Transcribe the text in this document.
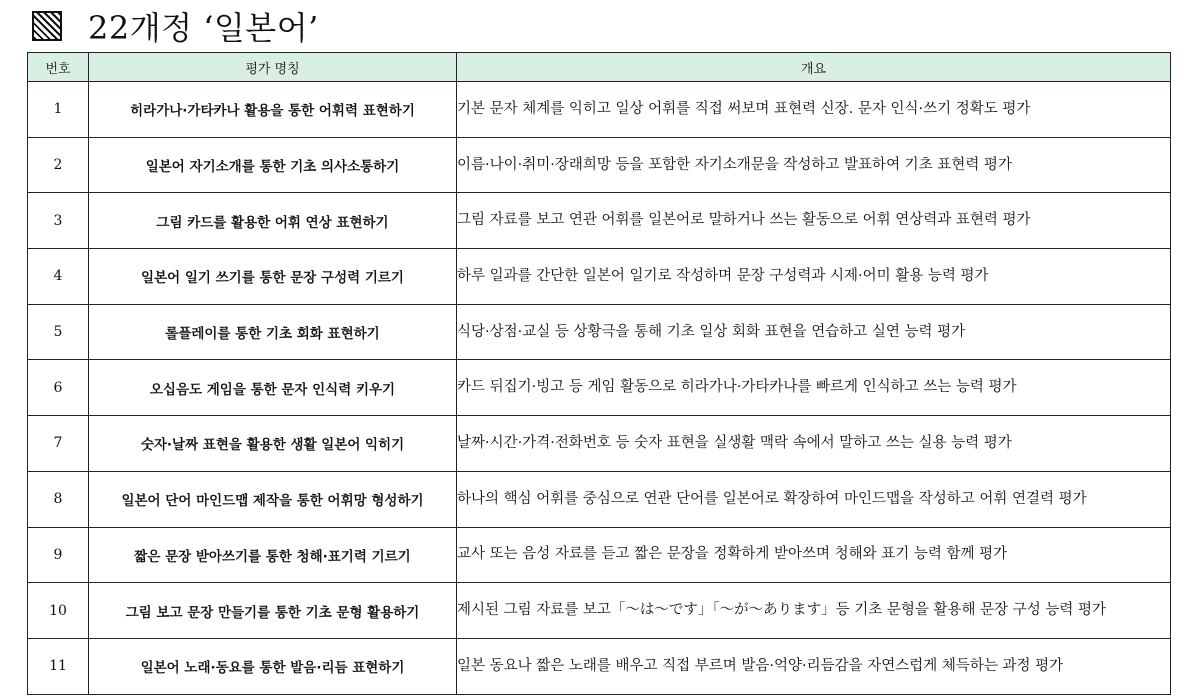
22개정 ‘일본어’
번호	평가 명칭	개요
1	히라가나·가타카나 활용을 통한 어휘력 표현하기	기본 문자 체계를 익히고 일상 어휘를 직접 써보며 표현력 신장. 문자 인식·쓰기 정확도 평가
2	일본어 자기소개를 통한 기초 의사소통하기	이름·나이·취미·장래희망 등을 포함한 자기소개문을 작성하고 발표하여 기초 표현력 평가
3	그림 카드를 활용한 어휘 연상 표현하기	그림 자료를 보고 연관 어휘를 일본어로 말하거나 쓰는 활동으로 어휘 연상력과 표현력 평가
4	일본어 일기 쓰기를 통한 문장 구성력 기르기	하루 일과를 간단한 일본어 일기로 작성하며 문장 구성력과 시제·어미 활용 능력 평가
5	롤플레이를 통한 기초 회화 표현하기	식당·상점·교실 등 상황극을 통해 기초 일상 회화 표현을 연습하고 실연 능력 평가
6	오십음도 게임을 통한 문자 인식력 키우기	카드 뒤집기·빙고 등 게임 활동으로 히라가나·가타카나를 빠르게 인식하고 쓰는 능력 평가
7	숫자·날짜 표현을 활용한 생활 일본어 익히기	날짜·시간·가격·전화번호 등 숫자 표현을 실생활 맥락 속에서 말하고 쓰는 실용 능력 평가
8	일본어 단어 마인드맵 제작을 통한 어휘망 형성하기	하나의 핵심 어휘를 중심으로 연관 단어를 일본어로 확장하여 마인드맵을 작성하고 어휘 연결력 평가
9	짧은 문장 받아쓰기를 통한 청해·표기력 기르기	교사 또는 음성 자료를 듣고 짧은 문장을 정확하게 받아쓰며 청해와 표기 능력 함께 평가
10	그림 보고 문장 만들기를 통한 기초 문형 활용하기	제시된 그림 자료를 보고「～は～です」「～が～あります」등 기초 문형을 활용해 문장 구성 능력 평가
11	일본어 노래·동요를 통한 발음·리듬 표현하기	일본 동요나 짧은 노래를 배우고 직접 부르며 발음·억양·리듬감을 자연스럽게 체득하는 과정 평가
